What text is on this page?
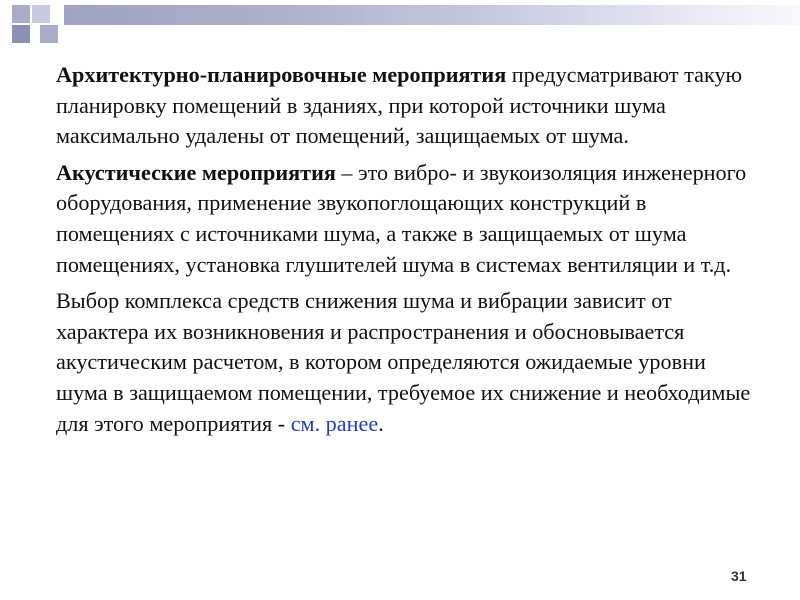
Архитектурно-планировочные мероприятия предусматривают такую планировку помещений в зданиях, при которой источники шума максимально удалены от помещений, защищаемых от шума.

Акустические мероприятия – это вибро- и звукоизоляция инженерного оборудования, применение звукопоглощающих конструкций в помещениях с источниками шума, а также в защищаемых от шума помещениях, установка глушителей шума в системах вентиляции и т.д.

Выбор комплекса средств снижения шума и вибрации зависит от характера их возникновения и распространения и обосновывается акустическим расчетом, в котором определяются ожидаемые уровни шума в защищаемом помещении, требуемое их снижение и необходимые для этого мероприятия - см. ранее.

31
